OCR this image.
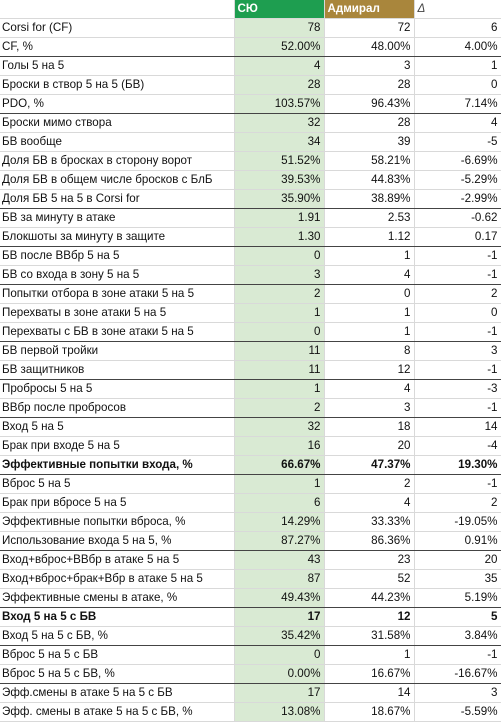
	СЮ	Адмирал	Δ
Corsi for (CF)	78	72	6
CF, %	52.00%	48.00%	4.00%
Голы 5 на 5	4	3	1
Броски в створ 5 на 5 (БВ)	28	28	0
PDO, %	103.57%	96.43%	7.14%
Броски мимо створа	32	28	4
БВ вообще	34	39	-5
Доля БВ в бросках в сторону ворот	51.52%	58.21%	-6.69%
Доля БВ в общем числе бросков с БлБ	39.53%	44.83%	-5.29%
Доля БВ 5 на 5 в Corsi for	35.90%	38.89%	-2.99%
БВ за минуту в атаке	1.91	2.53	-0.62
Блокшоты за минуту в защите	1.30	1.12	0.17
БВ после ВВбр 5 на 5	0	1	-1
БВ со входа в зону 5 на 5	3	4	-1
Попытки отбора в зоне атаки 5 на 5	2	0	2
Перехваты в зоне атаки 5 на 5	1	1	0
Перехваты с БВ в зоне атаки 5 на 5	0	1	-1
БВ первой тройки	11	8	3
БВ защитников	11	12	-1
Пробросы 5 на 5	1	4	-3
ВВбр после пробросов	2	3	-1
Вход 5 на 5	32	18	14
Брак при входе 5 на 5	16	20	-4
Эффективные попытки входа, %	66.67%	47.37%	19.30%
Вброс 5 на 5	1	2	-1
Брак при вбросе 5 на 5	6	4	2
Эффективные попытки вброса, %	14.29%	33.33%	-19.05%
Использование входа 5 на 5, %	87.27%	86.36%	0.91%
Вход+вброс+ВВбр в атаке 5 на 5	43	23	20
Вход+вброс+брак+Вбр в атаке 5 на 5	87	52	35
Эффективные смены в атаке, %	49.43%	44.23%	5.19%
Вход 5 на 5 с БВ	17	12	5
Вход 5 на 5 с БВ, %	35.42%	31.58%	3.84%
Вброс 5 на 5 с БВ	0	1	-1
Вброс 5 на 5 с БВ, %	0.00%	16.67%	-16.67%
Эфф.смены в атаке 5 на 5 с БВ	17	14	3
Эфф. смены в атаке 5 на 5 с БВ, %	13.08%	18.67%	-5.59%
